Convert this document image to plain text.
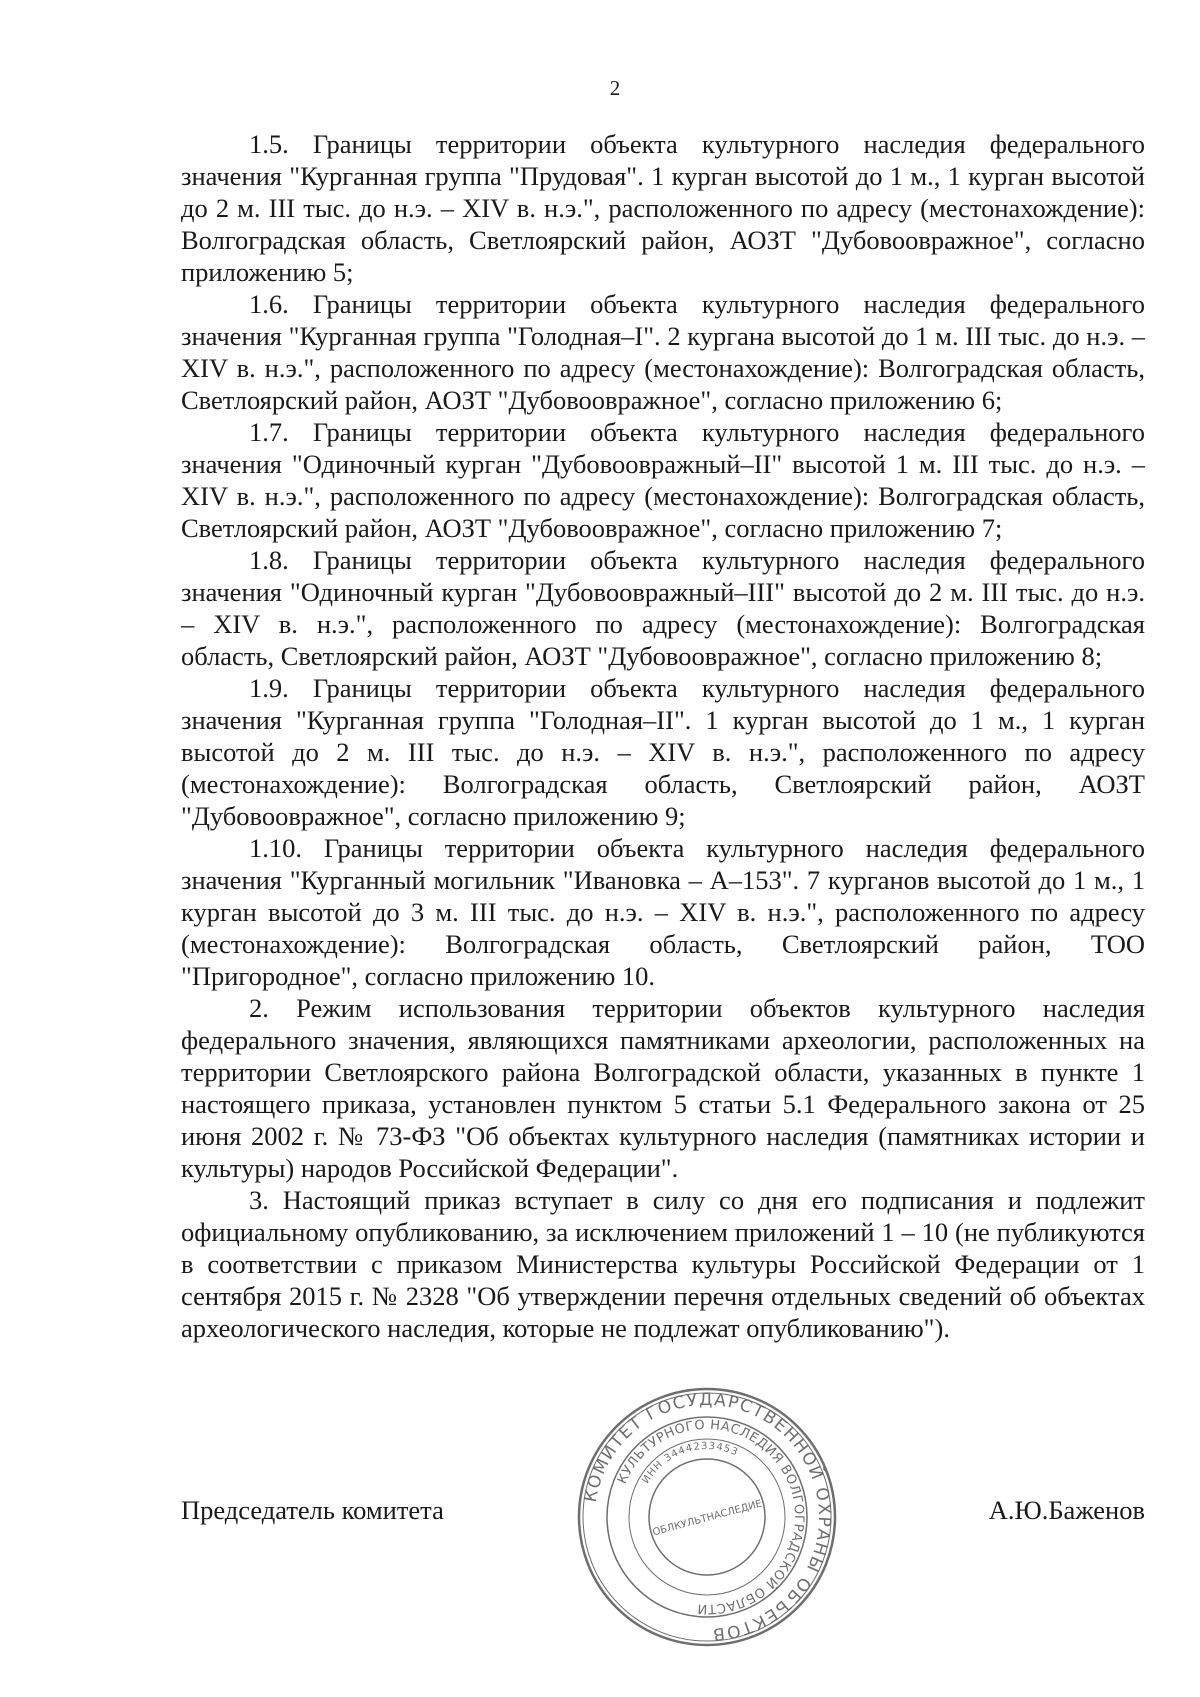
2

1.5. Границы территории объекта культурного наследия федерального значения "Курганная группа "Прудовая". 1 курган высотой до 1 м., 1 курган высотой до 2 м. III тыс. до н.э. – XIV в. н.э.", расположенного по адресу (местонахождение): Волгоградская область, Светлоярский район, АОЗТ "Дубовоовражное", согласно приложению 5;

1.6. Границы территории объекта культурного наследия федерального значения "Курганная группа "Голодная–I". 2 кургана высотой до 1 м. III тыс. до н.э. – XIV в. н.э.", расположенного по адресу (местонахождение): Волгоградская область, Светлоярский район, АОЗТ "Дубовоовражное", согласно приложению 6;

1.7. Границы территории объекта культурного наследия федерального значения "Одиночный курган "Дубовоовражный–II" высотой 1 м. III тыс. до н.э. – XIV в. н.э.", расположенного по адресу (местонахождение): Волгоградская область, Светлоярский район, АОЗТ "Дубовоовражное", согласно приложению 7;

1.8. Границы территории объекта культурного наследия федерального значения "Одиночный курган "Дубовоовражный–III" высотой до 2 м. III тыс. до н.э. – XIV в. н.э.", расположенного по адресу (местонахождение): Волгоградская область, Светлоярский район, АОЗТ "Дубовоовражное", согласно приложению 8;

1.9. Границы территории объекта культурного наследия федерального значения "Курганная группа "Голодная–II". 1 курган высотой до 1 м., 1 курган высотой до 2 м. III тыс. до н.э. – XIV в. н.э.", расположенного по адресу (местонахождение): Волгоградская область, Светлоярский район, АОЗТ "Дубовоовражное", согласно приложению 9;

1.10. Границы территории объекта культурного наследия федерального значения "Курганный могильник "Ивановка – А–153". 7 курганов высотой до 1 м., 1 курган высотой до 3 м. III тыс. до н.э. – XIV в. н.э.", расположенного по адресу (местонахождение): Волгоградская область, Светлоярский район, ТОО "Пригородное", согласно приложению 10.

2. Режим использования территории объектов культурного наследия федерального значения, являющихся памятниками археологии, расположенных на территории Светлоярского района Волгоградской области, указанных в пункте 1 настоящего приказа, установлен пунктом 5 статьи 5.1 Федерального закона от 25 июня 2002 г. № 73-ФЗ "Об объектах культурного наследия (памятниках истории и культуры) народов Российской Федерации".

3. Настоящий приказ вступает в силу со дня его подписания и подлежит официальному опубликованию, за исключением приложений 1 – 10 (не публикуются в соответствии с приказом Министерства культуры Российской Федерации от 1 сентября 2015 г. № 2328 "Об утверждении перечня отдельных сведений об объектах археологического наследия, которые не подлежат опубликованию").

Председатель комитета	А.Ю.Баженов
КОМИТЕТ ГОСУДАРСТВЕННОЙ ОХРАНЫ ОБЪЕКТОВ
КУЛЬТУРНОГО НАСЛЕДИЯ ВОЛГОГРАДСКОЙ ОБЛАСТИ
ИНН 3444233453
ОБЛКУЛЬТНАСЛЕДИЕ
